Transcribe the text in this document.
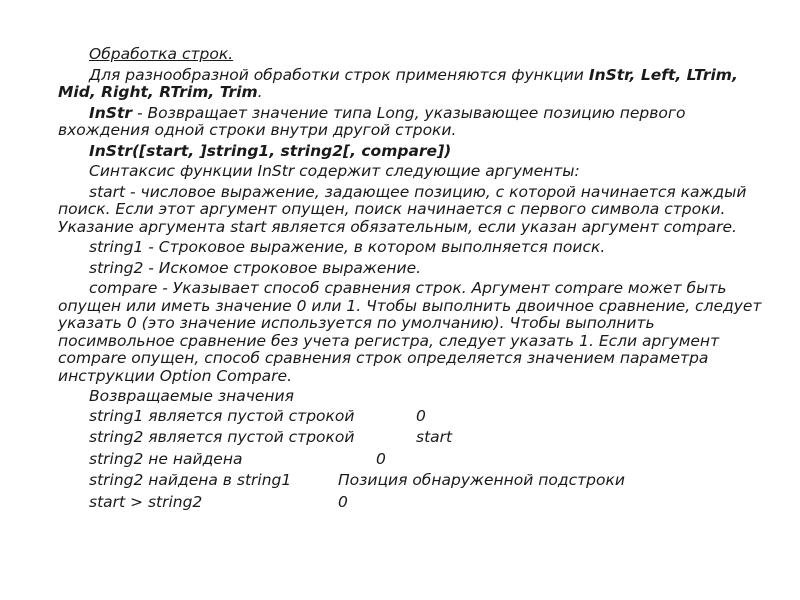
Обработка строк.

Для разнообразной обработки строк применяются функции InStr, Left, LTrim, Mid, Right, RTrim, Trim.

InStr - Возвращает значение типа Long, указывающее позицию первого вхождения одной строки внутри другой строки.

InStr([start, ]string1, string2[, compare])

Синтаксис функции InStr содержит следующие аргументы:

start - числовое выражение, задающее позицию, с которой начинается каждый поиск. Если этот аргумент опущен, поиск начинается с первого символа строки. Указание аргумента start является обязательным, если указан аргумент compare.

string1 - Строковое выражение, в котором выполняется поиск.

string2 - Искомое строковое выражение.

compare - Указывает способ сравнения строк. Аргумент compare может быть опущен или иметь значение 0 или 1. Чтобы выполнить двоичное сравнение, следует указать 0 (это значение используется по умолчанию). Чтобы выполнить посимвольное сравнение без учета регистра, следует указать 1. Если аргумент compare опущен, способ сравнения строк определяется значением параметра инструкции Option Compare.

Возвращаемые значения

string1 является пустой строкой	0
string2 является пустой строкой	start
string2 не найдена	0
string2 найдена в string1	Позиция обнаруженной подстроки
start > string2	0
